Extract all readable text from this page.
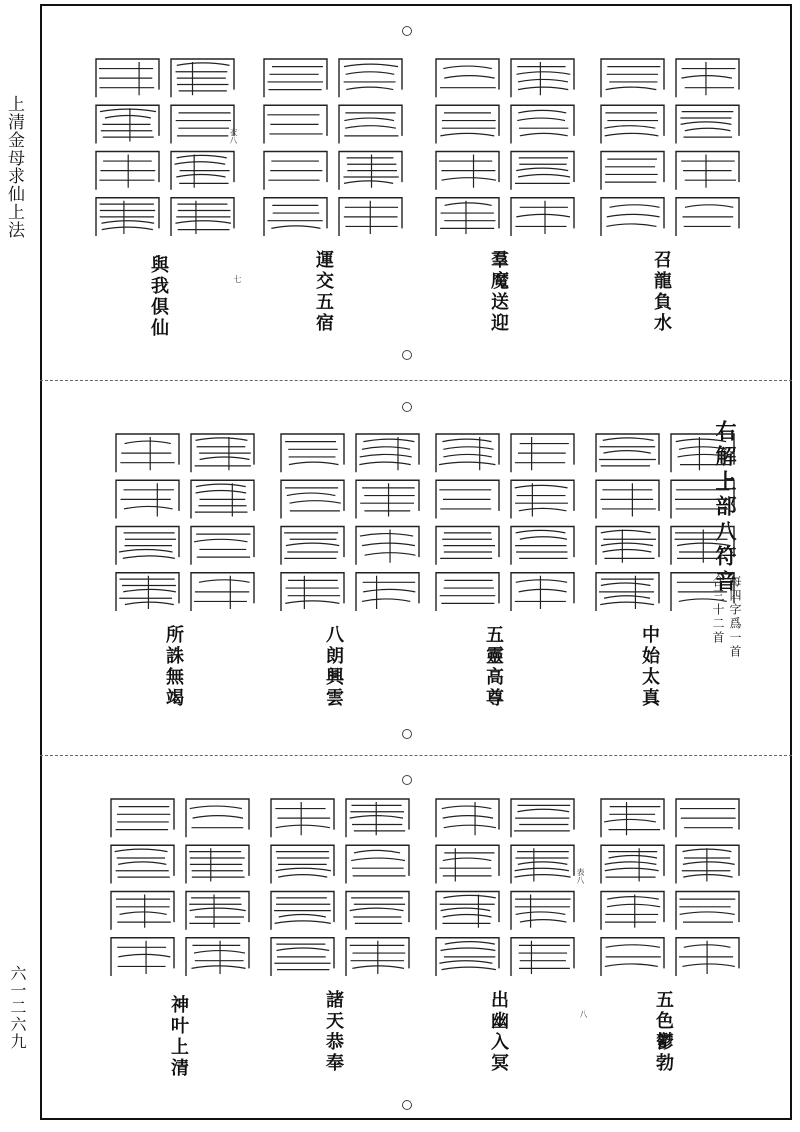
上清金母求仙上法
六一二六九
召龍負水
羣魔送迎
運交五宿
與我俱仙
衣八
七
右解上部八符音
每四字爲一首
合三十二首
中始太真
五靈高尊
八朗興雲
所誅無竭
五色鬱勃
出幽入冥
諸天恭奉
神叶上清
表八
八
